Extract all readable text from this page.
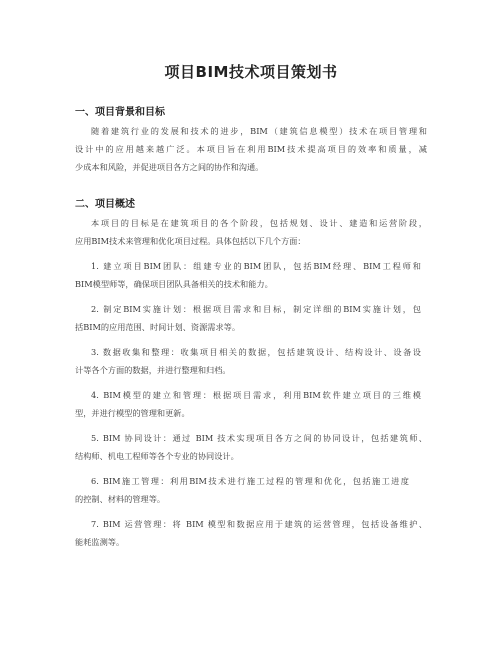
项目BIM技术项目策划书
一、项目背景和目标
随着建筑行业的发展和技术的进步，BIM（建筑信息模型）技术在项目管理和
设计中的应用越来越广泛。本项目旨在利用BIM技术提高项目的效率和质量，减
少成本和风险，并促进项目各方之间的协作和沟通。
二、项目概述
本项目的目标是在建筑项目的各个阶段，包括规划、设计、建造和运营阶段，
应用BIM技术来管理和优化项目过程。具体包括以下几个方面：
1. 建立项目BIM团队：组建专业的BIM团队，包括BIM经理、BIM工程师和
BIM模型师等，确保项目团队具备相关的技术和能力。
2. 制定BIM实施计划：根据项目需求和目标，制定详细的BIM实施计划，包
括BIM的应用范围、时间计划、资源需求等。
3. 数据收集和整理：收集项目相关的数据，包括建筑设计、结构设计、设备设
计等各个方面的数据，并进行整理和归档。
4. BIM模型的建立和管理：根据项目需求，利用BIM软件建立项目的三维模
型，并进行模型的管理和更新。
5. BIM 协同设计：通过 BIM 技术实现项目各方之间的协同设计，包括建筑师、
结构师、机电工程师等各个专业的协同设计。
6. BIM施工管理：利用BIM技术进行施工过程的管理和优化，包括施工进度
的控制、材料的管理等。
7. BIM 运营管理：将 BIM 模型和数据应用于建筑的运营管理，包括设备维护、
能耗监测等。
